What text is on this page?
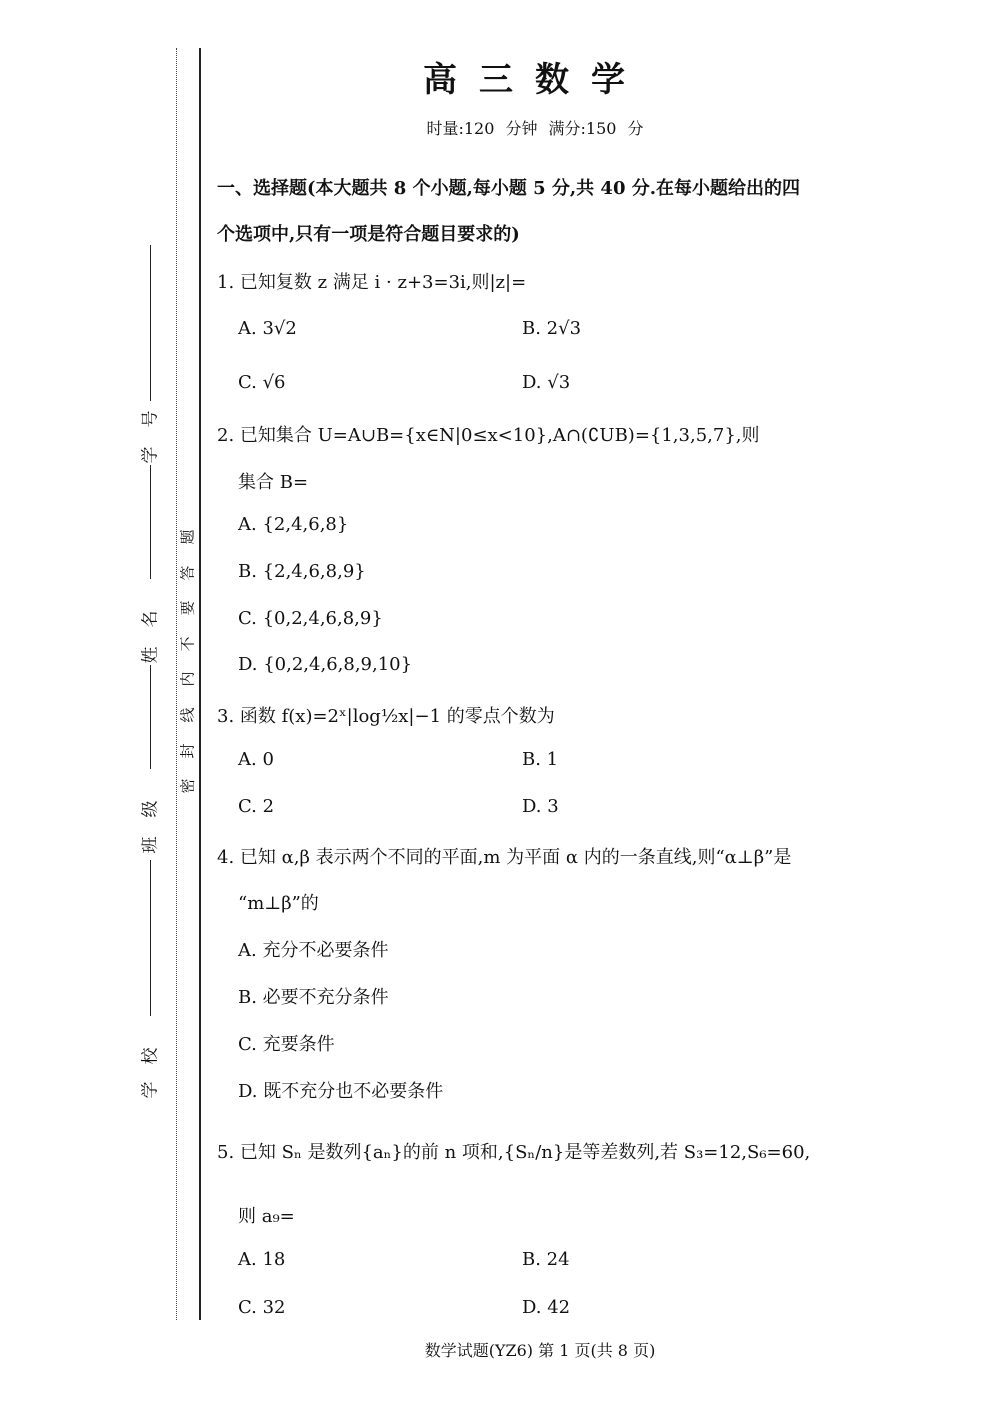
号
学
名
姓
级
班
校
学
题
答
要
不
内
线
封
密
高三数学
时量:120 分钟 满分:150 分
一、选择题(本大题共 8 个小题,每小题 5 分,共 40 分.在每小题给出的四
个选项中,只有一项是符合题目要求的)
1. 已知复数 z 满足 i · z+3=3i,则|z|=
A. 3√2	B. 2√3
C. √6	D. √3
2. 已知集合 U=A∪B={x∈N|0≤x<10},A∩(∁UB)={1,3,5,7},则
集合 B=
A. {2,4,6,8}
B. {2,4,6,8,9}
C. {0,2,4,6,8,9}
D. {0,2,4,6,8,9,10}
3. 函数 f(x)=2ˣ|log½x|−1 的零点个数为
A. 0	B. 1
C. 2	D. 3
4. 已知 α,β 表示两个不同的平面,m 为平面 α 内的一条直线,则“α⊥β”是
“m⊥β”的
A. 充分不必要条件
B. 必要不充分条件
C. 充要条件
D. 既不充分也不必要条件
5. 已知 Sₙ 是数列{aₙ}的前 n 项和,{Sₙ/n}是等差数列,若 S₃=12,S₆=60,
则 a₉=
A. 18	B. 24
C. 32	D. 42
数学试题(YZ6) 第 1 页(共 8 页)
